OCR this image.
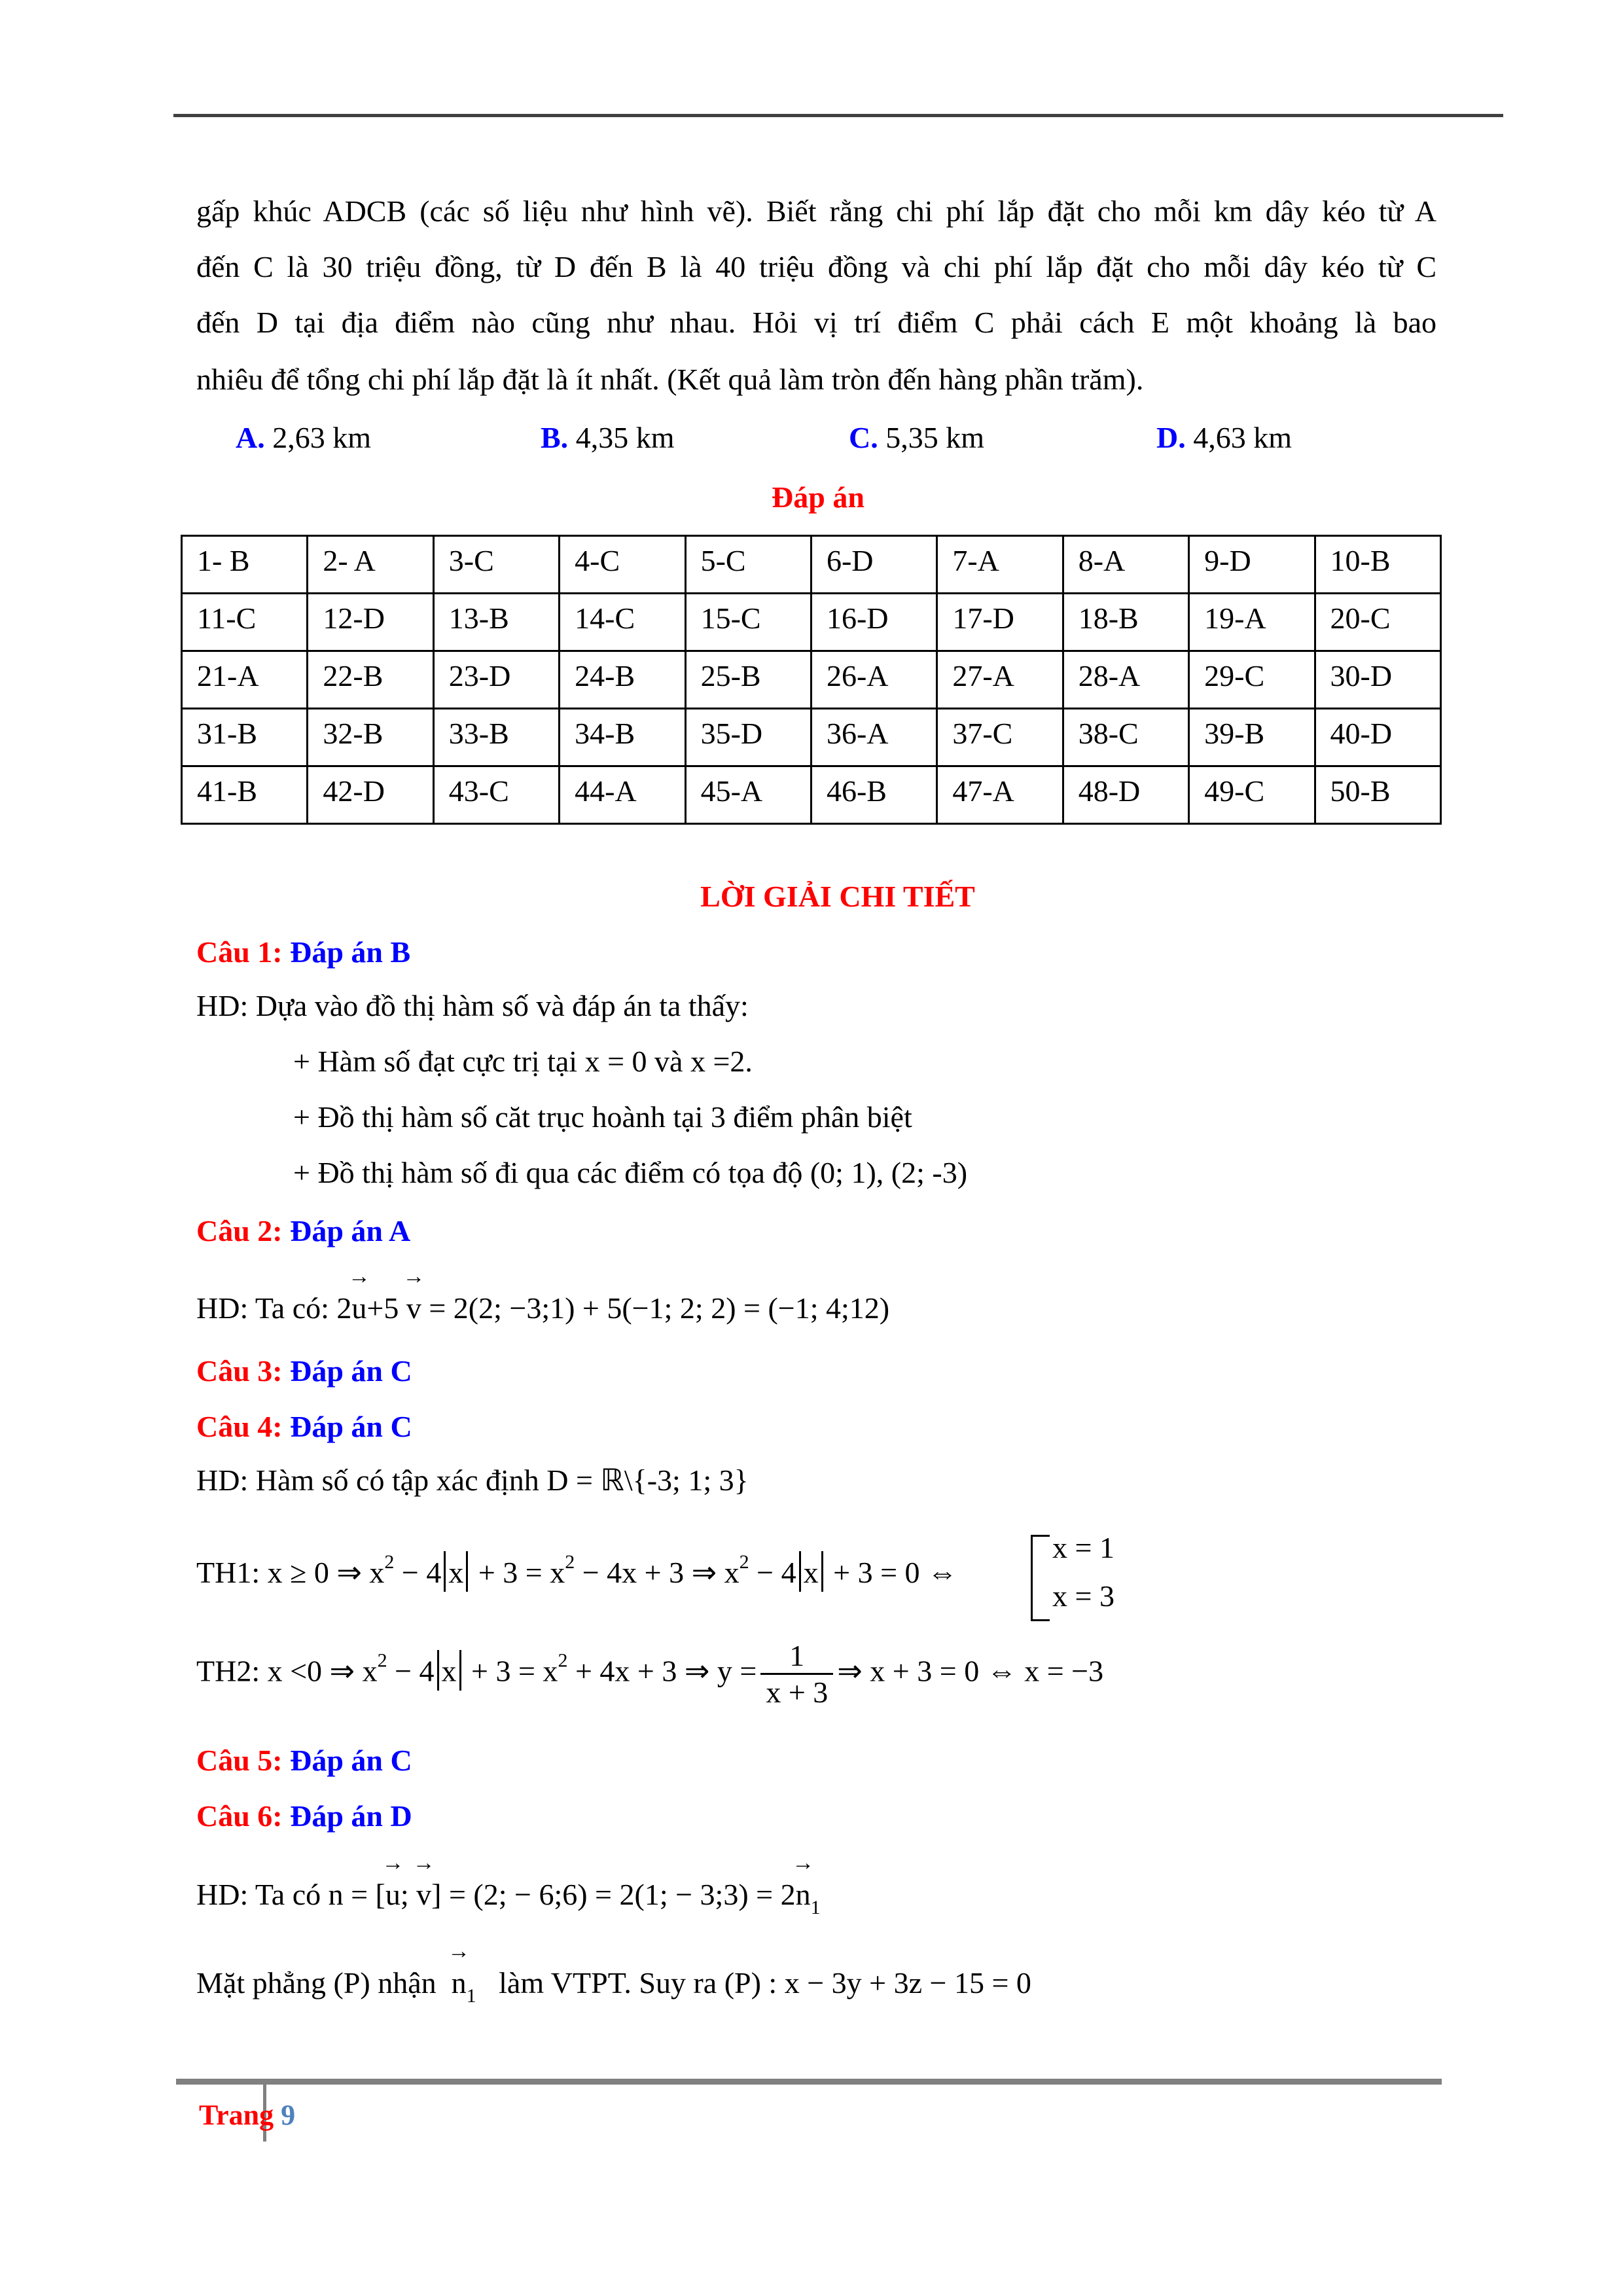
gấp khúc ADCB (các số liệu như hình vẽ). Biết rằng chi phí lắp đặt cho mỗi km dây kéo từ A
đến C là 30 triệu đồng, từ D đến B là 40 triệu đồng và chi phí lắp đặt cho mỗi dây kéo từ C
đến D tại địa điểm nào cũng như nhau. Hỏi vị trí điểm C phải cách E một khoảng là bao
nhiêu để tổng chi phí lắp đặt là ít nhất. (Kết quả làm tròn đến hàng phần trăm).
A. 2,63 km	B. 4,35 km	C. 5,35 km	D. 4,63 km
Đáp án
1- B	2- A	3-C	4-C	5-C	6-D	7-A	8-A	9-D	10-B
11-C	12-D	13-B	14-C	15-C	16-D	17-D	18-B	19-A	20-C
21-A	22-B	23-D	24-B	25-B	26-A	27-A	28-A	29-C	30-D
31-B	32-B	33-B	34-B	35-D	36-A	37-C	38-C	39-B	40-D
41-B	42-D	43-C	44-A	45-A	46-B	47-A	48-D	49-C	50-B
LỜI GIẢI CHI TIẾT
Câu 1: Đáp án B
HD: Dựa vào đồ thị hàm số và đáp án ta thấy:
+ Hàm số đạt cực trị tại x = 0 và x =2.
+ Đồ thị hàm số căt trục hoành tại 3 điểm phân biệt
+ Đồ thị hàm số đi qua các điểm có tọa độ (0; 1), (2; -3)
Câu 2: Đáp án A
HD: Ta có: 2→ u+5 → v = 2(2; −3;1) + 5(−1; 2; 2) = (−1; 4;12)
Câu 3: Đáp án C
Câu 4: Đáp án C
HD: Hàm số có tập xác định D = ℝ\{-3; 1; 3}
TH1: x ≥ 0 ⇒ $x^2 - 4$ $x + 3 = x^2 - 4x + 3$ ⇒ $x^2 - 4$ x + 3 = 0 ⇔
x = 1
x = 3
TH2: x <0 ⇒ $x^2 - 4$ $x + 3 = x^2 + 4x + 3$ ⇒ $y = \frac{1}{x + 3}$ ⇒ x + 3 = 0 ⇔ x = −3
Câu 5: Đáp án C
Câu 6: Đáp án D
HD: Ta có n = [→ u; → v] = (2; − 6;6) = 2(1; − 3;3) = $2\to n_1$
Mặt phẳng (P) nhận  → $n_1$   làm VTPT. Suy ra (P) : x − 3y + 3z − 15 = 0
Trang 9
